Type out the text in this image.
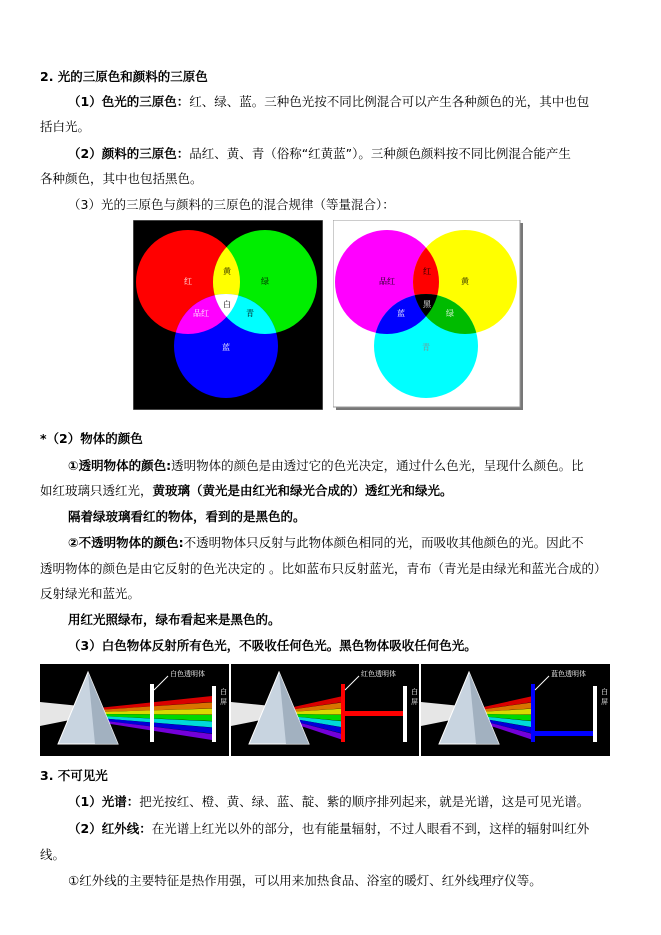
2. 光的三原色和颜料的三原色
（1）色光的三原色：红、绿、蓝。三种色光按不同比例混合可以产生各种颜色的光，其中也包
括白光。
（2）颜料的三原色：品红、黄、青（俗称“红黄蓝”）。三种颜色颜料按不同比例混合能产生
各种颜色，其中也包括黑色。
（3）光的三原色与颜料的三原色的混合规律（等量混合）：
红
黄
绿
品红
白
青
蓝
品红
红
黄
蓝
黑
绿
青
*（2）物体的颜色
①透明物体的颜色:透明物体的颜色是由透过它的色光决定，通过什么色光，呈现什么颜色。比
如红玻璃只透红光，黄玻璃（黄光是由红光和绿光合成的）透红光和绿光。
隔着绿玻璃看红的物体，看到的是黑色的。
②不透明物体的颜色:不透明物体只反射与此物体颜色相同的光，而吸收其他颜色的光。因此不
透明物体的颜色是由它反射的色光决定的 。比如蓝布只反射蓝光，青布（青光是由绿光和蓝光合成的）
反射绿光和蓝光。
用红光照绿布，绿布看起来是黑色的。
（3）白色物体反射所有色光，不吸收任何色光。黑色物体吸收任何色光。
白色透明体
白
屏
红色透明体
白
屏
蓝色透明体
白
屏
3. 不可见光
（1）光谱：把光按红、橙、黄、绿、蓝、靛、紫的顺序排列起来，就是光谱，这是可见光谱。
（2）红外线：在光谱上红光以外的部分，也有能量辐射，不过人眼看不到，这样的辐射叫红外
线。
①红外线的主要特征是热作用强，可以用来加热食品、浴室的暖灯、红外线理疗仪等。
